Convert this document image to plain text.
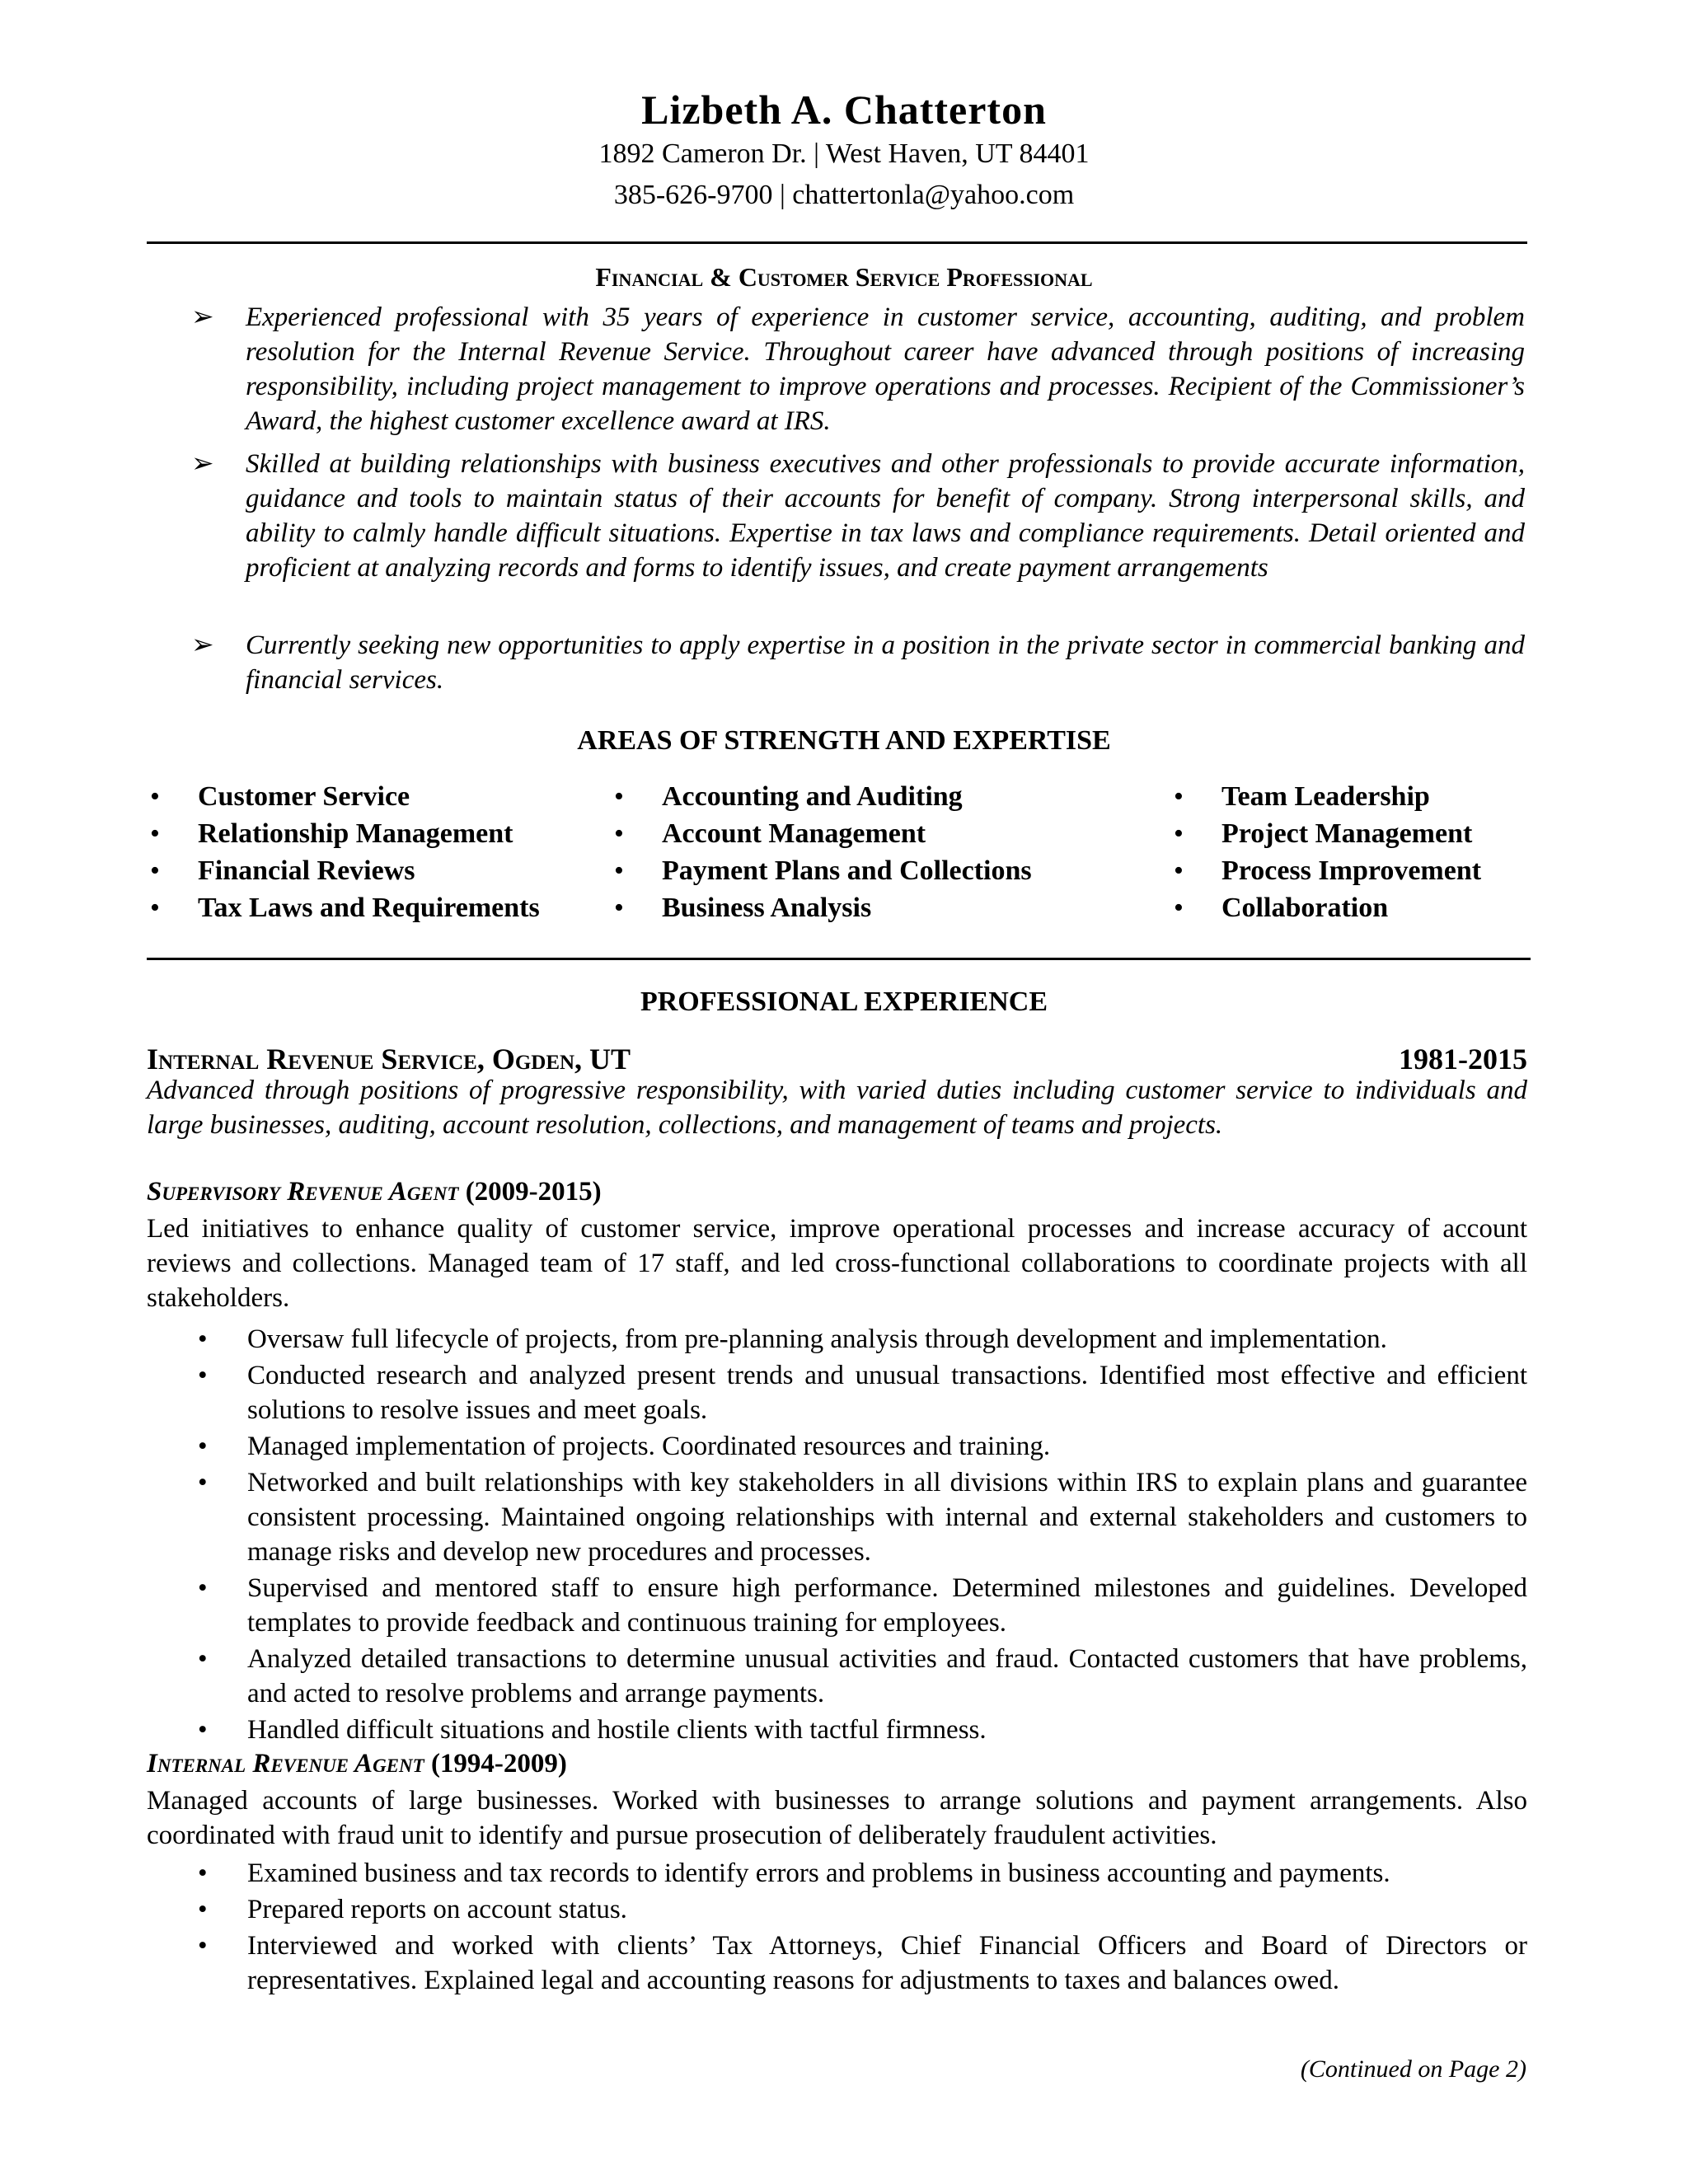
Lizbeth A. Chatterton
1892 Cameron Dr. | West Haven, UT 84401
385-626-9700 | chattertonla@yahoo.com
Financial & Customer Service Professional
➢ Experienced professional with 35 years of experience in customer service, accounting, auditing, and problem resolution for the Internal Revenue Service. Throughout career have advanced through positions of increasing responsibility, including project management to improve operations and processes. Recipient of the Commissioner’s Award, the highest customer excellence award at IRS.
➢ Skilled at building relationships with business executives and other professionals to provide accurate information, guidance and tools to maintain status of their accounts for benefit of company. Strong interpersonal skills, and ability to calmly handle difficult situations. Expertise in tax laws and compliance requirements. Detail oriented and proficient at analyzing records and forms to identify issues, and create payment arrangements
➢ Currently seeking new opportunities to apply expertise in a position in the private sector in commercial banking and financial services.
AREAS OF STRENGTH AND EXPERTISE
• Customer Service
• Relationship Management
• Financial Reviews
• Tax Laws and Requirements
• Accounting and Auditing
• Account Management
• Payment Plans and Collections
• Business Analysis
• Team Leadership
• Project Management
• Process Improvement
• Collaboration
PROFESSIONAL EXPERIENCE
Internal Revenue Service, Ogden, UT	1981-2015
Advanced through positions of progressive responsibility, with varied duties including customer service to individuals and large businesses, auditing, account resolution, collections, and management of teams and projects.
Supervisory Revenue Agent (2009-2015)
Led initiatives to enhance quality of customer service, improve operational processes and increase accuracy of account reviews and collections. Managed team of 17 staff, and led cross-functional collaborations to coordinate projects with all stakeholders.
• Oversaw full lifecycle of projects, from pre-planning analysis through development and implementation.
• Conducted research and analyzed present trends and unusual transactions. Identified most effective and efficient solutions to resolve issues and meet goals.
• Managed implementation of projects. Coordinated resources and training.
• Networked and built relationships with key stakeholders in all divisions within IRS to explain plans and guarantee consistent processing. Maintained ongoing relationships with internal and external stakeholders and customers to manage risks and develop new procedures and processes.
• Supervised and mentored staff to ensure high performance. Determined milestones and guidelines. Developed templates to provide feedback and continuous training for employees.
• Analyzed detailed transactions to determine unusual activities and fraud. Contacted customers that have problems, and acted to resolve problems and arrange payments.
• Handled difficult situations and hostile clients with tactful firmness.
Internal Revenue Agent (1994-2009)
Managed accounts of large businesses. Worked with businesses to arrange solutions and payment arrangements. Also coordinated with fraud unit to identify and pursue prosecution of deliberately fraudulent activities.
• Examined business and tax records to identify errors and problems in business accounting and payments.
• Prepared reports on account status.
• Interviewed and worked with clients’ Tax Attorneys, Chief Financial Officers and Board of Directors or representatives. Explained legal and accounting reasons for adjustments to taxes and balances owed.
(Continued on Page 2)
